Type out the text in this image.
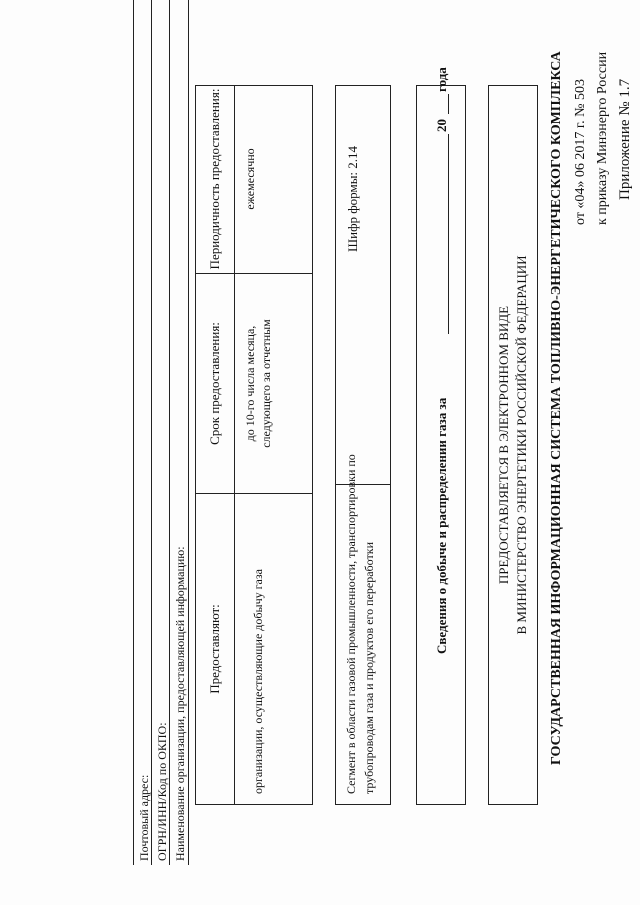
Приложение № 1.7
к приказу Минэнерго России
от «04» 06 2017 г. № 503
ГОСУДАРСТВЕННАЯ ИНФОРМАЦИОННАЯ СИСТЕМА ТОПЛИВНО-ЭНЕРГЕТИЧЕСКОГО КОМПЛЕКСА
ПРЕДОСТАВЛЯЕТСЯ В ЭЛЕКТРОННОМ ВИДЕ В МИНИСТЕРСТВО ЭНЕРГЕТИКИ РОССИЙСКОЙ ФЕДЕРАЦИИ
Сведения о добыче и распределении газа за
20
года
Сегмент в области газовой промышленности, транспортировки по трубопроводам газа и продуктов его переработки
Шифр формы: 2.14
Предоставляют:
Срок предоставления:
Периодичность предоставления:
организации, осуществляющие добычу газа
до 10-го числа месяца, следующего за отчетным
ежемесячно
Наименование организации, предоставляющей информацию:
ОГРН/ИНН/Код по ОКПО:
Почтовый адрес:
